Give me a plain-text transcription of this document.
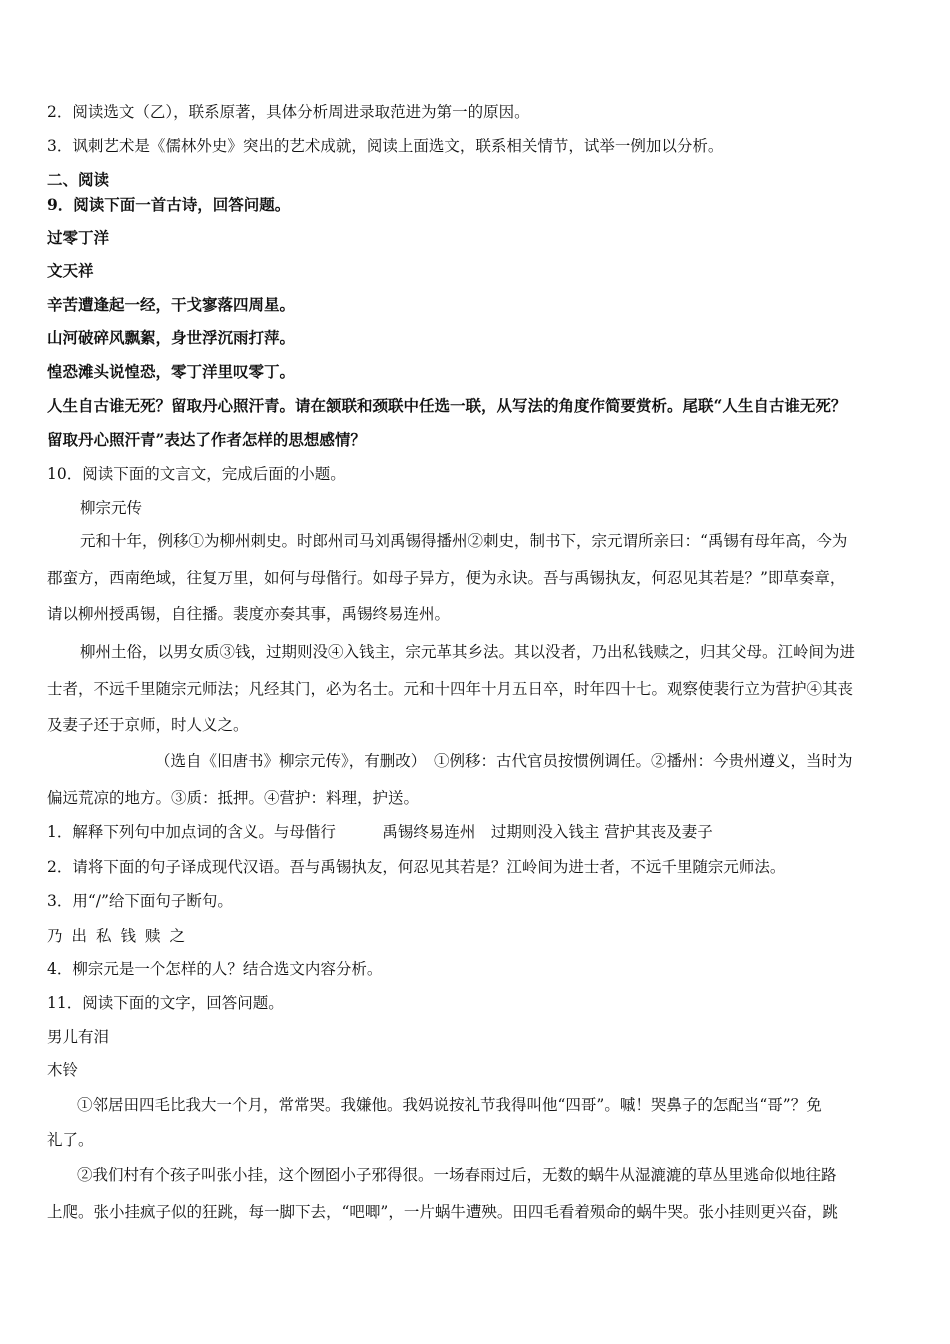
2．阅读选文（乙），联系原著，具体分析周进录取范进为第一的原因。

3．讽刺艺术是《儒林外史》突出的艺术成就，阅读上面选文，联系相关情节，试举一例加以分析。

二、阅读

9．阅读下面一首古诗，回答问题。

过零丁洋

文天祥

辛苦遭逢起一经，干戈寥落四周星。

山河破碎风飘絮，身世浮沉雨打萍。

惶恐滩头说惶恐，零丁洋里叹零丁。

人生自古谁无死？留取丹心照汗青。请在颔联和颈联中任选一联，从写法的角度作简要赏析。尾联“人生自古谁无死？

留取丹心照汗青”表达了作者怎样的思想感情？

10．阅读下面的文言文，完成后面的小题。

柳宗元传

元和十年，例移①为柳州刺史。时郎州司马刘禹锡得播州②刺史，制书下，宗元谓所亲曰：“禹锡有母年高，今为

郡蛮方，西南绝域，往复万里，如何与母偕行。如母子异方，便为永诀。吾与禹锡执友，何忍见其若是？”即草奏章，

请以柳州授禹锡，自往播。裴度亦奏其事，禹锡终易连州。

柳州土俗，以男女质③钱，过期则没④入钱主，宗元革其乡法。其以没者，乃出私钱赎之，归其父母。江岭间为进

士者，不远千里随宗元师法；凡经其门，必为名士。元和十四年十月五日卒，时年四十七。观察使裴行立为营护④其丧

及妻子还于京师，时人义之。

（选自《旧唐书》柳宗元传》，有删改）　①例移：古代官员按惯例调任。②播州：今贵州遵义，当时为

偏远荒凉的地方。③质：抵押。④营护：料理，护送。

1．解释下列句中加点词的含义。与母偕行　　　禹锡终易连州　过期则没入钱主 营护其丧及妻子

2．请将下面的句子译成现代汉语。吾与禹锡执友，何忍见其若是？江岭间为进士者，不远千里随宗元师法。

3．用“/”给下面句子断句。

乃出私钱赎之

4．柳宗元是一个怎样的人？结合选文内容分析。

11．阅读下面的文字，回答问题。

男儿有泪

木铃

①邻居田四毛比我大一个月，常常哭。我嫌他。我妈说按礼节我得叫他“四哥”。嘁！哭鼻子的怎配当“哥”？免

礼了。

②我们村有个孩子叫张小挂，这个囫囵小子邪得很。一场春雨过后，无数的蜗牛从湿漉漉的草丛里逃命似地往路

上爬。张小挂疯子似的狂跳，每一脚下去，“吧唧”，一片蜗牛遭殃。田四毛看着殒命的蜗牛哭。张小挂则更兴奋，跳
